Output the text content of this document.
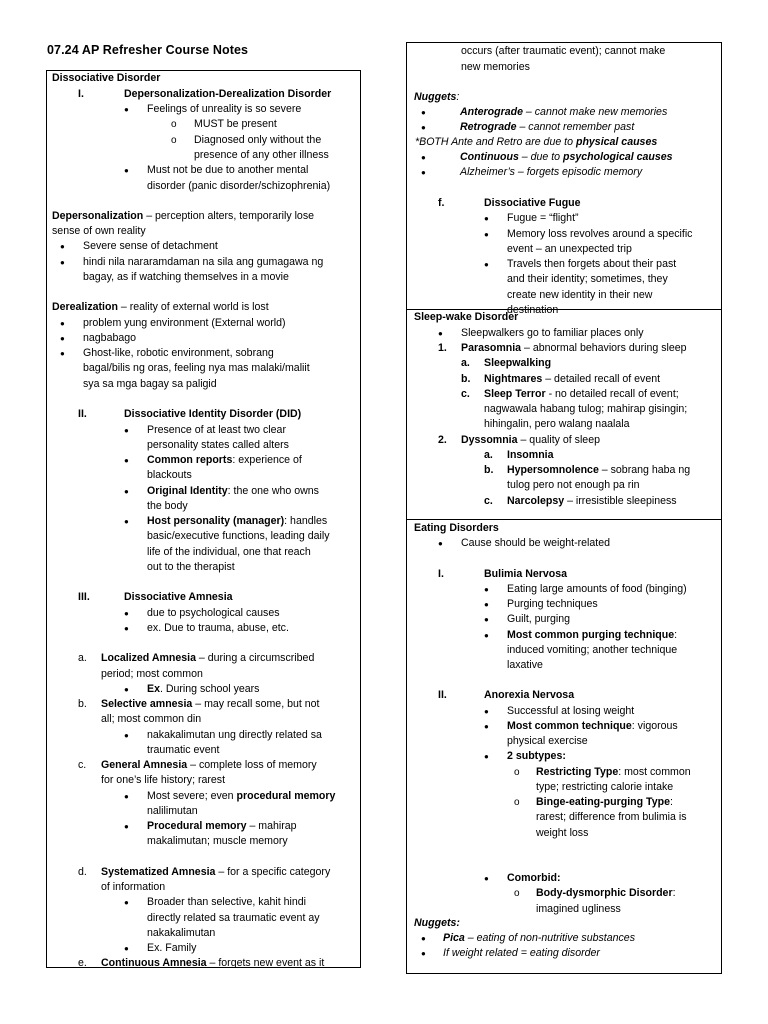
07.24 AP Refresher Course Notes
Dissociative Disorder
I.	Depersonalization-Derealization Disorder
● Feelings of unreality is so severe
o MUST be present
o Diagnosed only without the
presence of any other illness
● Must not be due to another mental
disorder (panic disorder/schizophrenia)
Depersonalization – perception alters, temporarily lose
sense of own reality
● Severe sense of detachment
● hindi nila nararamdaman na sila ang gumagawa ng
bagay, as if watching themselves in a movie
Derealization – reality of external world is lost
● problem yung environment (External world)
● nagbabago
● Ghost-like, robotic environment, sobrang
bagal/bilis ng oras, feeling nya mas malaki/maliit
sya sa mga bagay sa paligid
II.	Dissociative Identity Disorder (DID)
● Presence of at least two clear
personality states called alters
● Common reports: experience of
blackouts
● Original Identity: the one who owns
the body
● Host personality (manager): handles
basic/executive functions, leading daily
life of the individual, one that reach
out to the therapist
III.	Dissociative Amnesia
● due to psychological causes
● ex. Due to trauma, abuse, etc.
a. Localized Amnesia – during a circumscribed
period; most common
● Ex. During school years
b. Selective amnesia – may recall some, but not
all; most common din
● nakakalimutan ung directly related sa
traumatic event
c. General Amnesia – complete loss of memory
for one’s life history; rarest
● Most severe; even procedural memory
nalilimutan
● Procedural memory – mahirap
makalimutan; muscle memory
d. Systematized Amnesia – for a specific category
of information
● Broader than selective, kahit hindi
directly related sa traumatic event ay
nakakalimutan
● Ex. Family
e. Continuous Amnesia – forgets new event as it
occurs (after traumatic event); cannot make
new memories
Nuggets:
●	Anterograde – cannot make new memories
●	Retrograde – cannot remember past
*BOTH Ante and Retro are due to physical causes
●	Continuous – due to psychological causes
●	Alzheimer’s – forgets episodic memory
f.	Dissociative Fugue
● Fugue = “flight”
● Memory loss revolves around a specific
event – an unexpected trip
● Travels then forgets about their past
and their identity; sometimes, they
create new identity in their new
destination
Sleep-wake Disorder
● Sleepwalkers go to familiar places only
1. Parasomnia – abnormal behaviors during sleep
a. Sleepwalking
b. Nightmares – detailed recall of event
c. Sleep Terror - no detailed recall of event;
nagwawala habang tulog; mahirap gisingin;
hihingalin, pero walang naalala
2. Dyssomnia – quality of sleep
a. Insomnia
b. Hypersomnolence – sobrang haba ng
tulog pero not enough pa rin
c. Narcolepsy – irresistible sleepiness
Eating Disorders
● Cause should be weight-related
I.	Bulimia Nervosa
● Eating large amounts of food (binging)
● Purging techniques
● Guilt, purging
● Most common purging technique:
induced vomiting; another technique
laxative
II.	Anorexia Nervosa
● Successful at losing weight
● Most common technique: vigorous
physical exercise
● 2 subtypes:
o Restricting Type: most common
type; restricting calorie intake
o Binge-eating-purging Type:
rarest; difference from bulimia is
weight loss
● Comorbid:
o Body-dysmorphic Disorder:
imagined ugliness
Nuggets:
● Pica – eating of non-nutritive substances
● If weight related = eating disorder
